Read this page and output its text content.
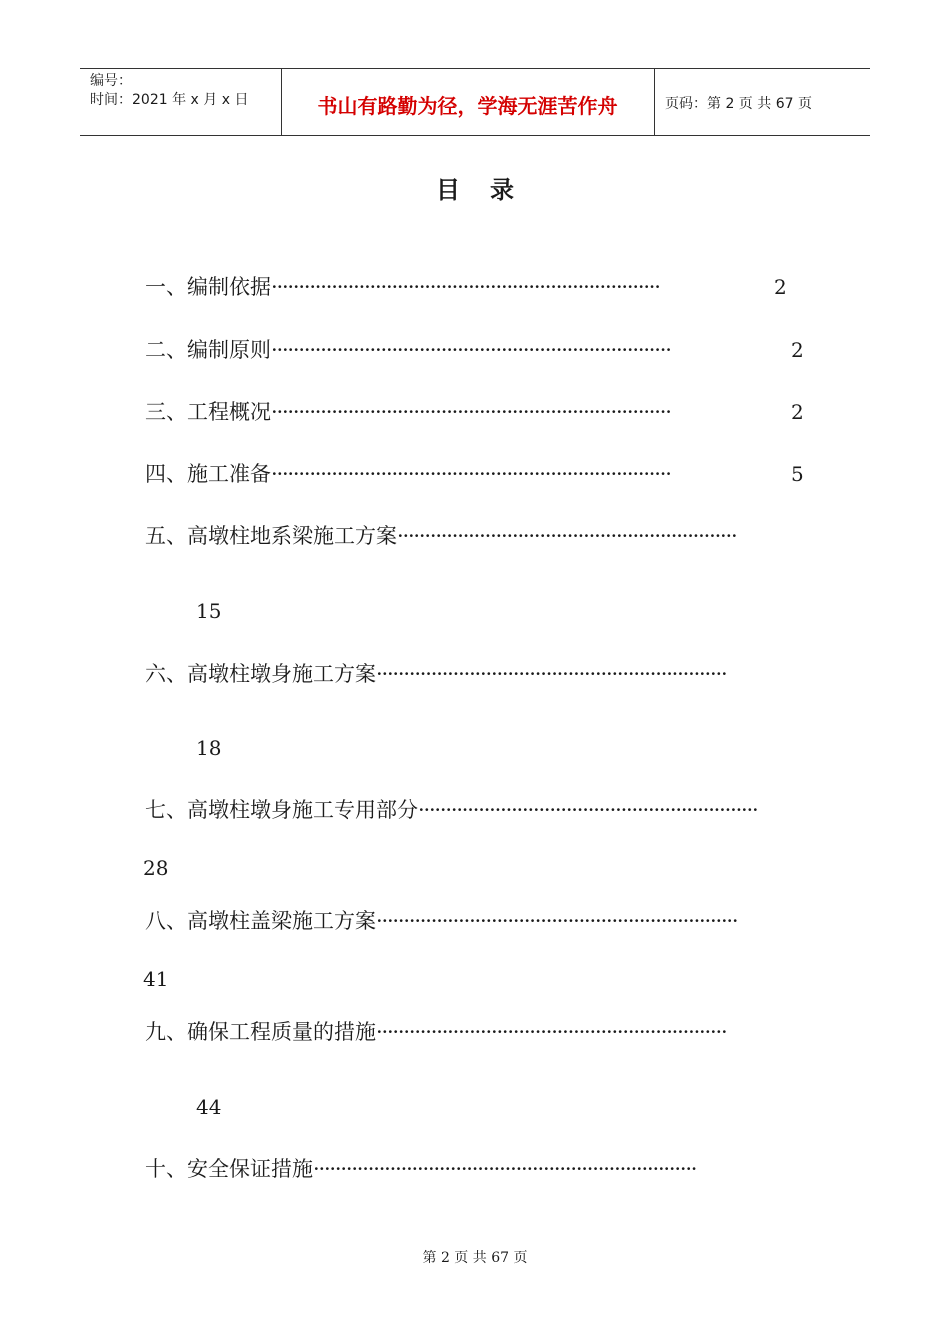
编号：
时间：2021 年 x 月 x 日	书山有路勤为径，学海无涯苦作舟	页码：第 2 页 共 67 页
目录
一、编制依据·······································································	2
二、编制原则·········································································	2
三、工程概况·········································································	2
四、施工准备·········································································	5
五、高墩柱地系梁施工方案······························································
15
六、高墩柱墩身施工方案································································
18
七、高墩柱墩身施工专用部分······························································
28
八、高墩柱盖梁施工方案··································································
41
九、确保工程质量的措施································································
44
十、安全保证措施······································································
第 2 页 共 67 页
